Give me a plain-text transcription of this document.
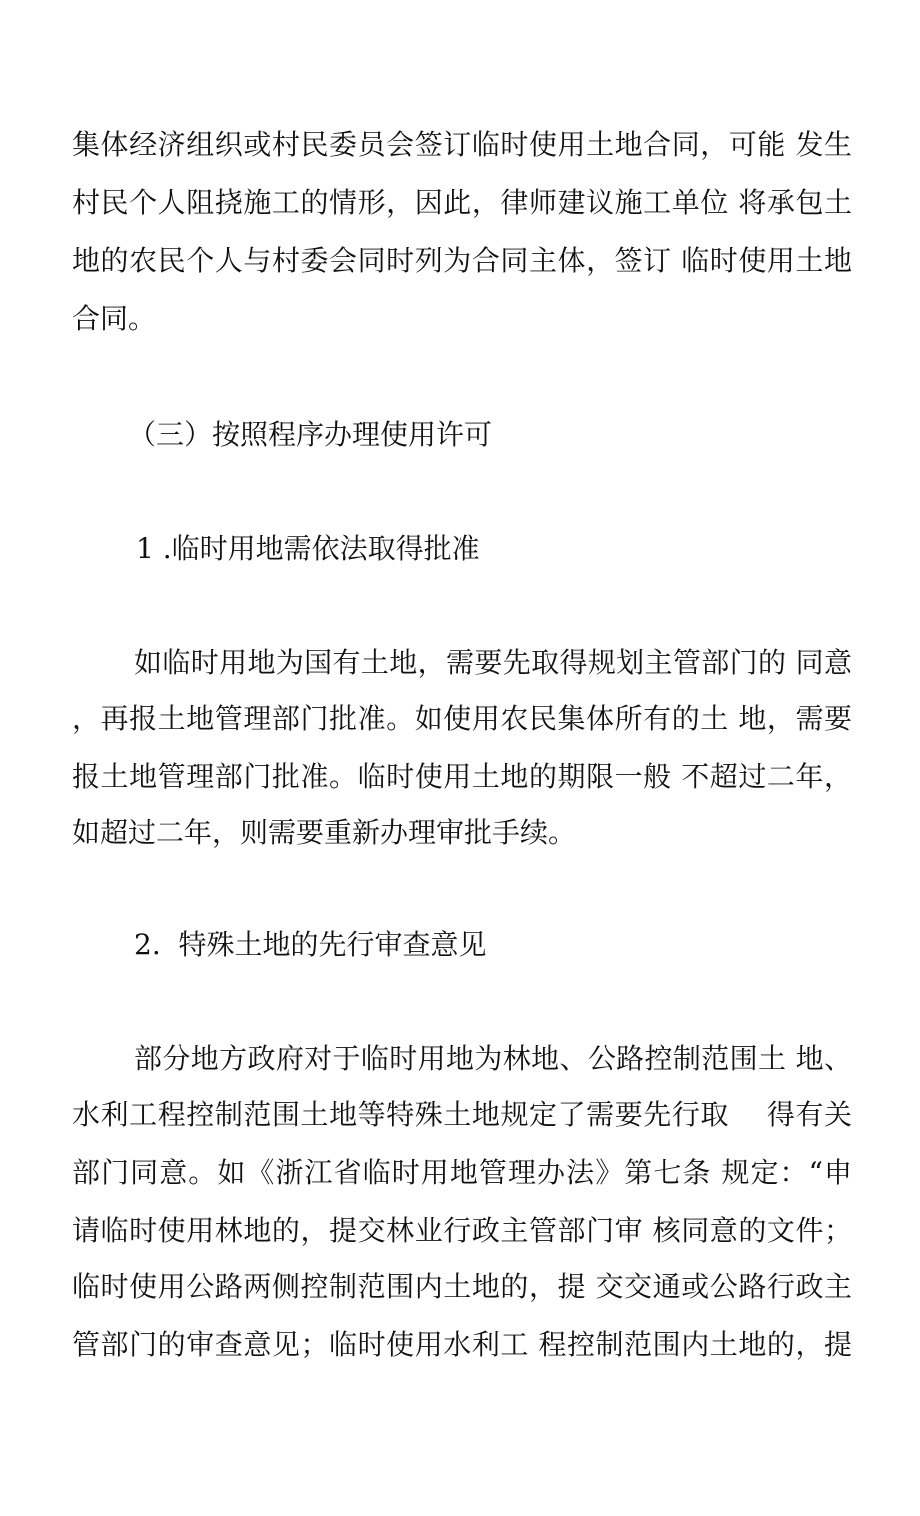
集体经济组织或村民委员会签订临时使用土地合同，可能 发生
村民个人阻挠施工的情形，因此，律师建议施工单位 将承包土
地的农民个人与村委会同时列为合同主体，签订 临时使用土地
合同。
（三）按照程序办理使用许可
1 .临时用地需依法取得批准
如临时用地为国有土地，需要先取得规划主管部门的 同意
，再报土地管理部门批准。如使用农民集体所有的土 地，需要
报土地管理部门批准。临时使用土地的期限一般 不超过二年，
如超过二年，则需要重新办理审批手续。
2.  特殊土地的先行审查意见
部分地方政府对于临时用地为林地、公路控制范围土 地、
水利工程控制范围土地等特殊土地规定了需要先行取    得有关
部门同意。如《浙江省临时用地管理办法》第七条 规定：“申
请临时使用林地的，提交林业行政主管部门审 核同意的文件；
临时使用公路两侧控制范围内土地的，提 交交通或公路行政主
管部门的审查意见；临时使用水利工 程控制范围内土地的，提
